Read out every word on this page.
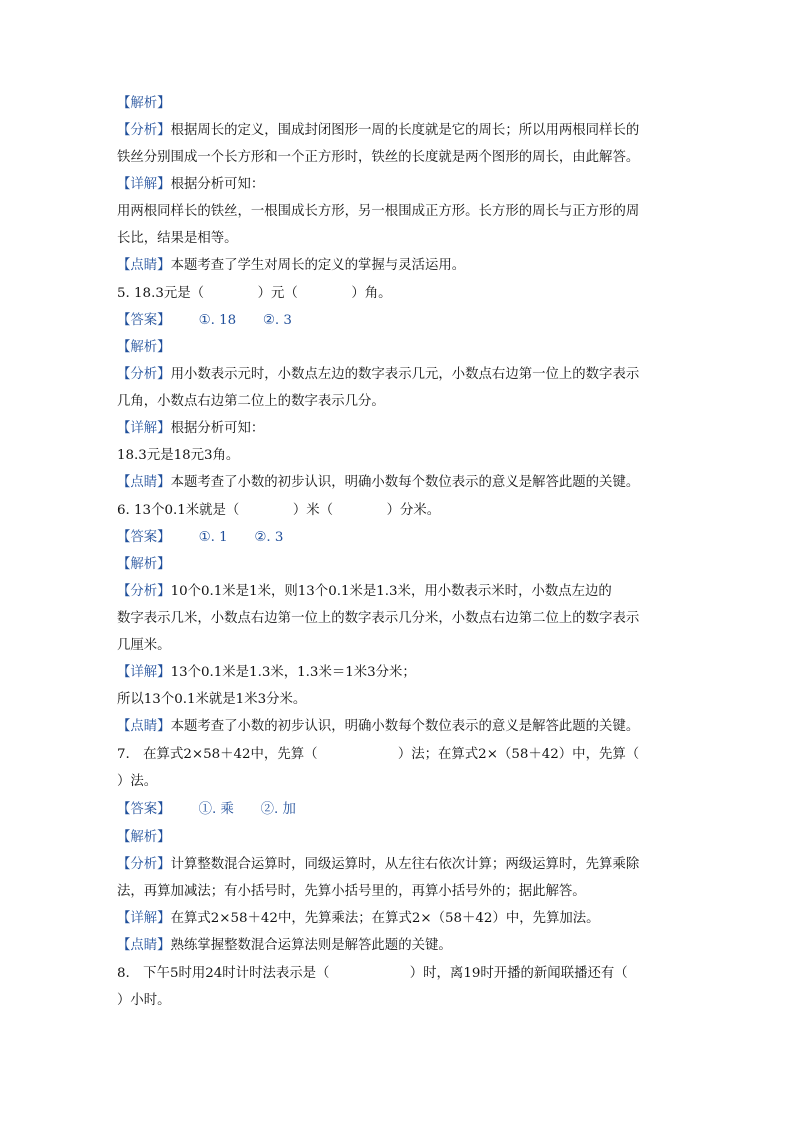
【解析】
【分析】根据周长的定义，围成封闭图形一周的长度就是它的周长；所以用两根同样长的
铁丝分别围成一个长方形和一个正方形时，铁丝的长度就是两个图形的周长，由此解答。
【详解】根据分析可知：
用两根同样长的铁丝，一根围成长方形，另一根围成正方形。长方形的周长与正方形的周
长比，结果是相等。
【点睛】本题考查了学生对周长的定义的掌握与灵活运用。
5. 18.3元是（　　　　）元（　　　　）角。
【答案】 ①. 18　　②. 3
【解析】
【分析】用小数表示元时，小数点左边的数字表示几元，小数点右边第一位上的数字表示
几角，小数点右边第二位上的数字表示几分。
【详解】根据分析可知：
18.3元是18元3角。
【点睛】本题考查了小数的初步认识，明确小数每个数位表示的意义是解答此题的关键。
6. 13个0.1米就是（　　　　）米（　　　　）分米。
【答案】 ①. 1　　②. 3
【解析】
【分析】10个0.1米是1米，则13个0.1米是1.3米，用小数表示米时，小数点左边的
数字表示几米，小数点右边第一位上的数字表示几分米，小数点右边第二位上的数字表示
几厘米。
【详解】13个0.1米是1.3米，1.3米＝1米3分米；
所以13个0.1米就是1米3分米。
【点睛】本题考查了小数的初步认识，明确小数每个数位表示的意义是解答此题的关键。
7.　在算式2×58＋42中，先算（　　　　　　）法；在算式2×（58＋42）中，先算（
）法。
【答案】 ①. 乘　　②. 加
【解析】
【分析】计算整数混合运算时，同级运算时，从左往右依次计算；两级运算时，先算乘除
法，再算加减法；有小括号时，先算小括号里的，再算小括号外的；据此解答。
【详解】在算式2×58＋42中，先算乘法；在算式2×（58＋42）中，先算加法。
【点睛】熟练掌握整数混合运算法则是解答此题的关键。
8.　下午5时用24时计时法表示是（　　　　　　）时，离19时开播的新闻联播还有（
）小时。
